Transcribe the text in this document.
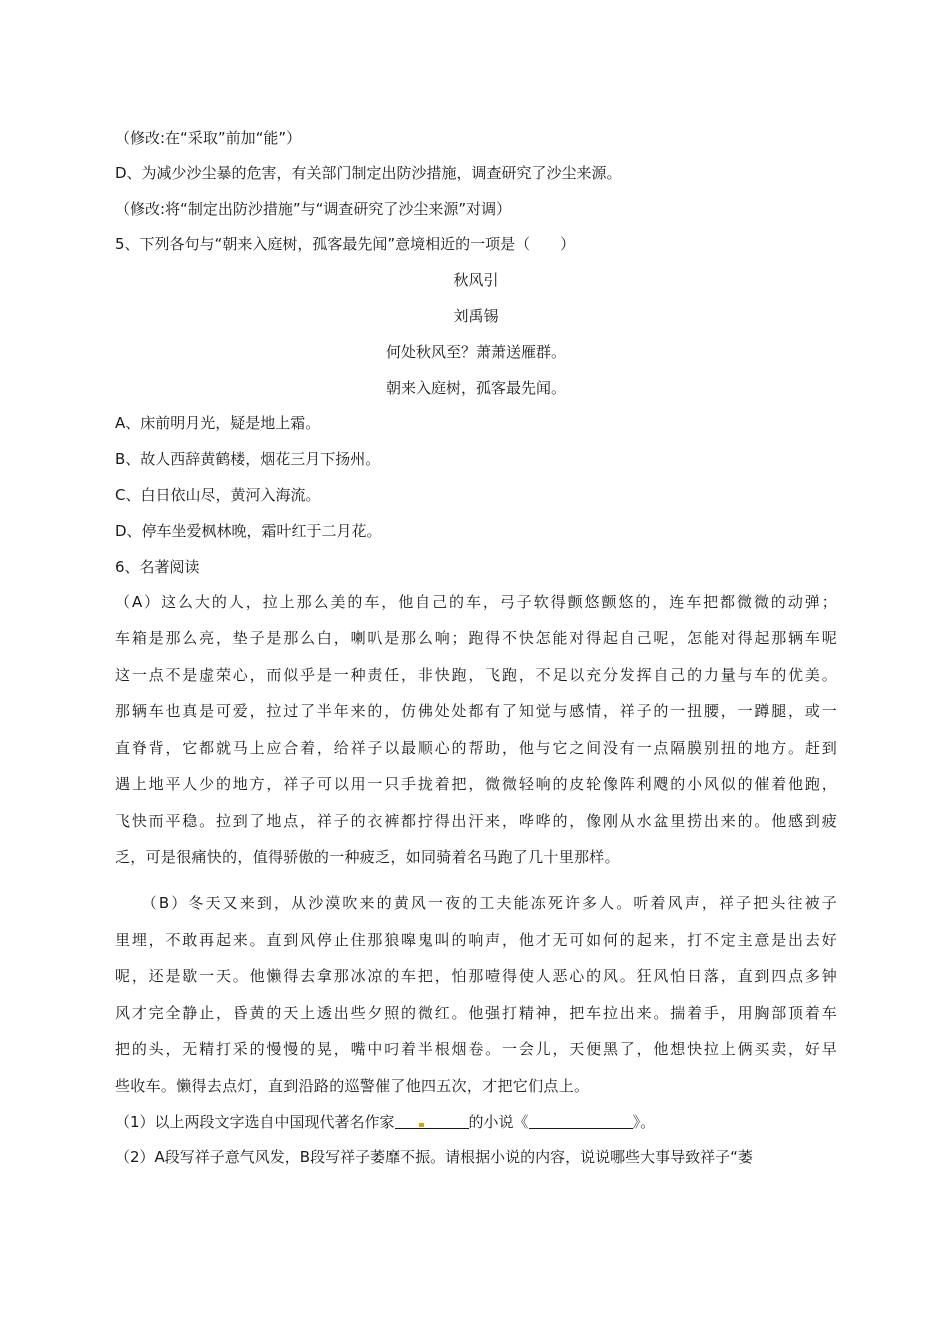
（修改:在“采取”前加“能”）
D、为减少沙尘暴的危害，有关部门制定出防沙措施，调查研究了沙尘来源。
（修改:将“制定出防沙措施”与“调查研究了沙尘来源”对调）
5、下列各句与“朝来入庭树，孤客最先闻”意境相近的一项是（　　）
秋风引
刘禹锡
何处秋风至？萧萧送雁群。
朝来入庭树，孤客最先闻。
A、床前明月光，疑是地上霜。
B、故人西辞黄鹤楼，烟花三月下扬州。
C、白日依山尽，黄河入海流。
D、停车坐爱枫林晚，霜叶红于二月花。
6、名著阅读
（A）这么大的人，拉上那么美的车，他自己的车，弓子软得颤悠颤悠的，连车把都微微的动弹；
车箱是那么亮，垫子是那么白，喇叭是那么响；跑得不快怎能对得起自己呢，怎能对得起那辆车呢
这一点不是虚荣心，而似乎是一种责任，非快跑，飞跑，不足以充分发挥自己的力量与车的优美。
那辆车也真是可爱，拉过了半年来的，仿佛处处都有了知觉与感情，祥子的一扭腰，一蹲腿，或一
直脊背，它都就马上应合着，给祥子以最顺心的帮助，他与它之间没有一点隔膜别扭的地方。赶到
遇上地平人少的地方，祥子可以用一只手拢着把，微微轻响的皮轮像阵利飕的小风似的催着他跑，
飞快而平稳。拉到了地点，祥子的衣裤都拧得出汗来，哗哗的，像刚从水盆里捞出来的。他感到疲
乏，可是很痛快的，值得骄傲的一种疲乏，如同骑着名马跑了几十里那样。
　　（B）冬天又来到，从沙漠吹来的黄风一夜的工夫能冻死许多人。听着风声，祥子把头往被子
里埋，不敢再起来。直到风停止住那狼嗥鬼叫的响声，他才无可如何的起来，打不定主意是出去好
呢，还是歇一天。他懒得去拿那冰凉的车把，怕那噎得使人恶心的风。狂风怕日落，直到四点多钟
风才完全静止，昏黄的天上透出些夕照的微红。他强打精神，把车拉出来。揣着手，用胸部顶着车
把的头，无精打采的慢慢的晃，嘴中叼着半根烟卷。一会儿，天便黑了，他想快拉上俩买卖，好早
些收车。懒得去点灯，直到沿路的巡警催了他四五次，才把它们点上。
（1）以上两段文字选自中国现代著名作家	的小说《	》。
（2）A段写祥子意气风发，B段写祥子萎靡不振。请根据小说的内容，说说哪些大事导致祥子“萎
